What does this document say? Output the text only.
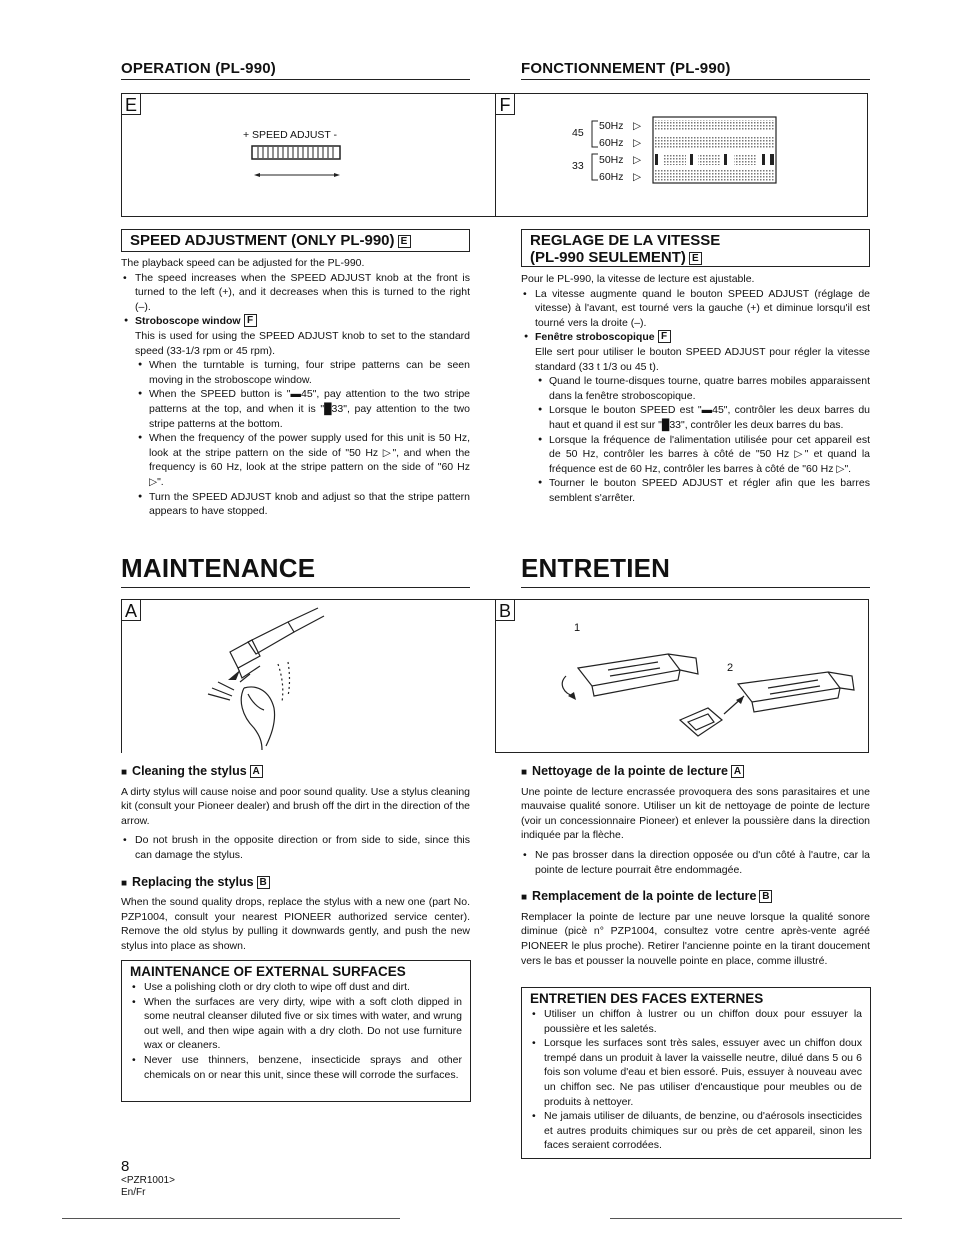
OPERATION (PL-990)	FONCTIONNEMENT (PL-990)
E	F
+ SPEED ADJUST -	45
33
50Hz
60Hz
50Hz
60Hz
▷
▷
▷
▷
SPEED ADJUSTMENT (ONLY PL-990) E

The playback speed can be adjusted for the PL-990.

• The speed increases when the SPEED ADJUST knob at the front is turned to the left (+), and it decreases when this is turned to the right (–).
● Stroboscope window F

This is used for using the SPEED ADJUST knob to set to the standard speed (33-1/3 rpm or 45 rpm).

● When the turntable is turning, four stripe patterns can be seen moving in the stroboscope window.
● When the SPEED button is "▬45", pay attention to the two stripe patterns at the top, and when it is "█33", pay attention to the two stripe patterns at the bottom.
● When the frequency of the power supply used for this unit is 50 Hz, look at the stripe pattern on the side of "50 Hz ▷", and when the frequency is 60 Hz, look at the stripe pattern on the side of "60 Hz ▷".
● Turn the SPEED ADJUST knob and adjust so that the stripe pattern appears to have stopped.
REGLAGE DE LA VITESSE
(PL-990 SEULEMENT) E

Pour le PL-990, la vitesse de lecture est ajustable.

• La vitesse augmente quand le bouton SPEED ADJUST (réglage de vitesse) à l'avant, est tourné vers la gauche (+) et diminue lorsqu'il est tourné vers la droite (–).
● Fenêtre stroboscopique F

Elle sert pour utiliser le bouton SPEED ADJUST pour régler la vitesse standard (33 t 1/3 ou 45 t).

● Quand le tourne-disques tourne, quatre barres mobiles apparaissent dans la fenêtre stroboscopique.
● Lorsque le bouton SPEED est "▬45", contrôler les deux barres du haut et quand il est sur "█33", contrôler les deux barres du bas.
● Lorsque la fréquence de l'alimentation utilisée pour cet appareil est de 50 Hz, contrôler les barres à côté de "50 Hz ▷" et quand la fréquence est de 60 Hz, contrôler les barres à côté de "60 Hz ▷".
● Tourner le bouton SPEED ADJUST et régler afin que les barres semblent s'arrêter.
MAINTENANCE	ENTRETIEN
A	B
1
2
■ Cleaning the stylus A

A dirty stylus will cause noise and poor sound quality. Use a stylus cleaning kit (consult your Pioneer dealer) and brush off the dirt in the direction of the arrow.

• Do not brush in the opposite direction or from side to side, since this can damage the stylus.
■ Replacing the stylus B

When the sound quality drops, replace the stylus with a new one (part No. PZP1004, consult your nearest PIONEER authorized service center). Remove the old stylus by pulling it downwards gently, and push the new stylus into place as shown.

MAINTENANCE OF EXTERNAL SURFACES
• Use a polishing cloth or dry cloth to wipe off dust and dirt.
• When the surfaces are very dirty, wipe with a soft cloth dipped in some neutral cleanser diluted five or six times with water, and wrung out well, and then wipe again with a dry cloth. Do not use furniture wax or cleaners.
• Never use thinners, benzene, insecticide sprays and other chemicals on or near this unit, since these will corrode the surfaces.
■ Nettoyage de la pointe de lecture A

Une pointe de lecture encrassée provoquera des sons parasitaires et une mauvaise qualité sonore. Utiliser un kit de nettoyage de pointe de lecture (voir un concessionnaire Pioneer) et enlever la poussière dans la direction indiquée par la flèche.

• Ne pas brosser dans la direction opposée ou d'un côté à l'autre, car la pointe de lecture pourrait être endommagée.
■ Remplacement de la pointe de lecture B

Remplacer la pointe de lecture par une neuve lorsque la qualité sonore diminue (picè n° PZP1004, consultez votre centre après-vente agréé PIONEER le plus proche). Retirer l'ancienne pointe en la tirant doucement vers le bas et pousser la nouvelle pointe en place, comme illustré.

ENTRETIEN DES FACES EXTERNES
• Utiliser un chiffon à lustrer ou un chiffon doux pour essuyer la poussière et les saletés.
• Lorsque les surfaces sont très sales, essuyer avec un chiffon doux trempé dans un produit à laver la vaisselle neutre, dilué dans 5 ou 6 fois son volume d'eau et bien essoré. Puis, essuyer à nouveau avec un chiffon sec. Ne pas utiliser d'encaustique pour meubles ou de produits à nettoyer.
• Ne jamais utiliser de diluants, de benzine, ou d'aérosols insecticides et autres produits chimiques sur ou près de cet appareil, sinon les faces seraient corrodées.
8
<PZR1001>
En/Fr
